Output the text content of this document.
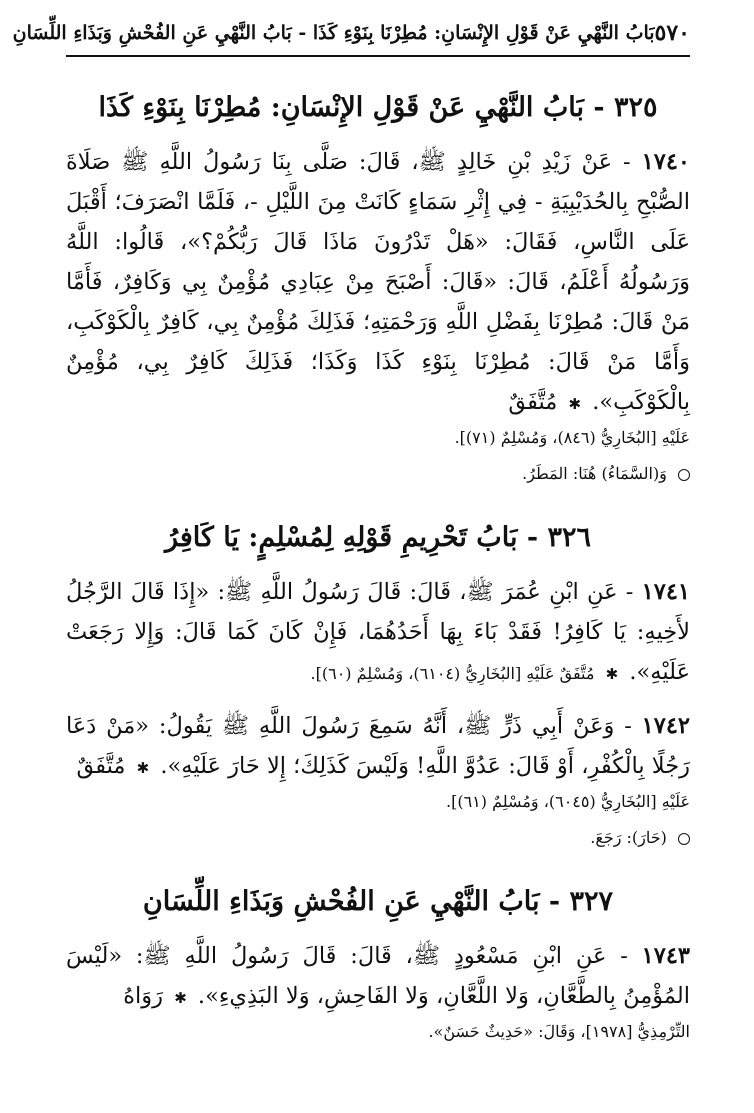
٥٧٠
بَابُ النَّهْيِ عَنْ قَوْلِ الإِنْسَانِ: مُطِرْنَا بِنَوْءِ كَذَا - بَابُ النَّهْيِ عَنِ الفُحْشِ وَبَذَاءِ اللِّسَانِ
٣٢٥ - بَابُ النَّهْيِ عَنْ قَوْلِ الإِنْسَانِ: مُطِرْنَا بِنَوْءِ كَذَا

١٧٤٠ - عَنْ زَيْدِ بْنِ خَالِدٍ ﷺ، قَالَ: صَلَّى بِنَا رَسُولُ اللَّهِ ﷺ صَلَاةَ الصُّبْحِ بِالحُدَيْبِيَةِ - فِي إِثْرِ سَمَاءٍ كَانَتْ مِنَ اللَّيْلِ -، فَلَمَّا انْصَرَفَ؛ أَقْبَلَ عَلَى النَّاسِ، فَقَالَ: «هَلْ تَدْرُونَ مَاذَا قَالَ رَبُّكُمْ؟»، قَالُوا: اللَّهُ وَرَسُولُهُ أَعْلَمُ، قَالَ: «قَالَ: أَصْبَحَ مِنْ عِبَادِي مُؤْمِنٌ بِي وَكَافِرٌ، فَأَمَّا مَنْ قَالَ: مُطِرْنَا بِفَضْلِ اللَّهِ وَرَحْمَتِهِ؛ فَذَلِكَ مُؤْمِنٌ بِي، كَافِرٌ بِالْكَوْكَبِ، وَأَمَّا مَنْ قَالَ: مُطِرْنَا بِنَوْءِ كَذَا وَكَذَا؛ فَذَلِكَ كَافِرٌ بِي، مُؤْمِنٌ بِالْكَوْكَبِ». ✱ مُتَّفَقٌ

عَلَيْهِ [البُخَارِيُّ (٨٤٦)، وَمُسْلِمٌ (٧١)].

وَ(السَّمَاءُ) هُنَا: المَطَرُ.

٣٢٦ - بَابُ تَحْرِيمِ قَوْلِهِ لِمُسْلِمٍ: يَا كَافِرُ

١٧٤١ - عَنِ ابْنِ عُمَرَ ﷺ، قَالَ: قَالَ رَسُولُ اللَّهِ ﷺ: «إِذَا قَالَ الرَّجُلُ لأَخِيهِ: يَا كَافِرُ! فَقَدْ بَاءَ بِهَا أَحَدُهُمَا، فَإِنْ كَانَ كَمَا قَالَ: وَإِلا رَجَعَتْ عَلَيْهِ». ✱ مُتَّفَقٌ عَلَيْهِ [البُخَارِيُّ (٦١٠٤)، وَمُسْلِمٌ (٦٠)].

١٧٤٢ - وَعَنْ أَبِي ذَرٍّ ﷺ، أَنَّهُ سَمِعَ رَسُولَ اللَّهِ ﷺ يَقُولُ: «مَنْ دَعَا رَجُلًا بِالْكُفْرِ، أَوْ قَالَ: عَدُوَّ اللَّهِ! وَلَيْسَ كَذَلِكَ؛ إِلا حَارَ عَلَيْهِ». ✱ مُتَّفَقٌ

عَلَيْهِ [البُخَارِيُّ (٦٠٤٥)، وَمُسْلِمٌ (٦١)].

(حَارَ): رَجَعَ.

٣٢٧ - بَابُ النَّهْيِ عَنِ الفُحْشِ وَبَذَاءِ اللِّسَانِ

١٧٤٣ - عَنِ ابْنِ مَسْعُودٍ ﷺ، قَالَ: قَالَ رَسُولُ اللَّهِ ﷺ: «لَيْسَ المُؤْمِنُ بِالطَّعَّانِ، وَلا اللَّعَّانِ، وَلا الفَاحِشِ، وَلا البَذِيءِ». ✱ رَوَاهُ

التِّرْمِذِيُّ [١٩٧٨]، وَقَالَ: «حَدِيثٌ حَسَنٌ».
